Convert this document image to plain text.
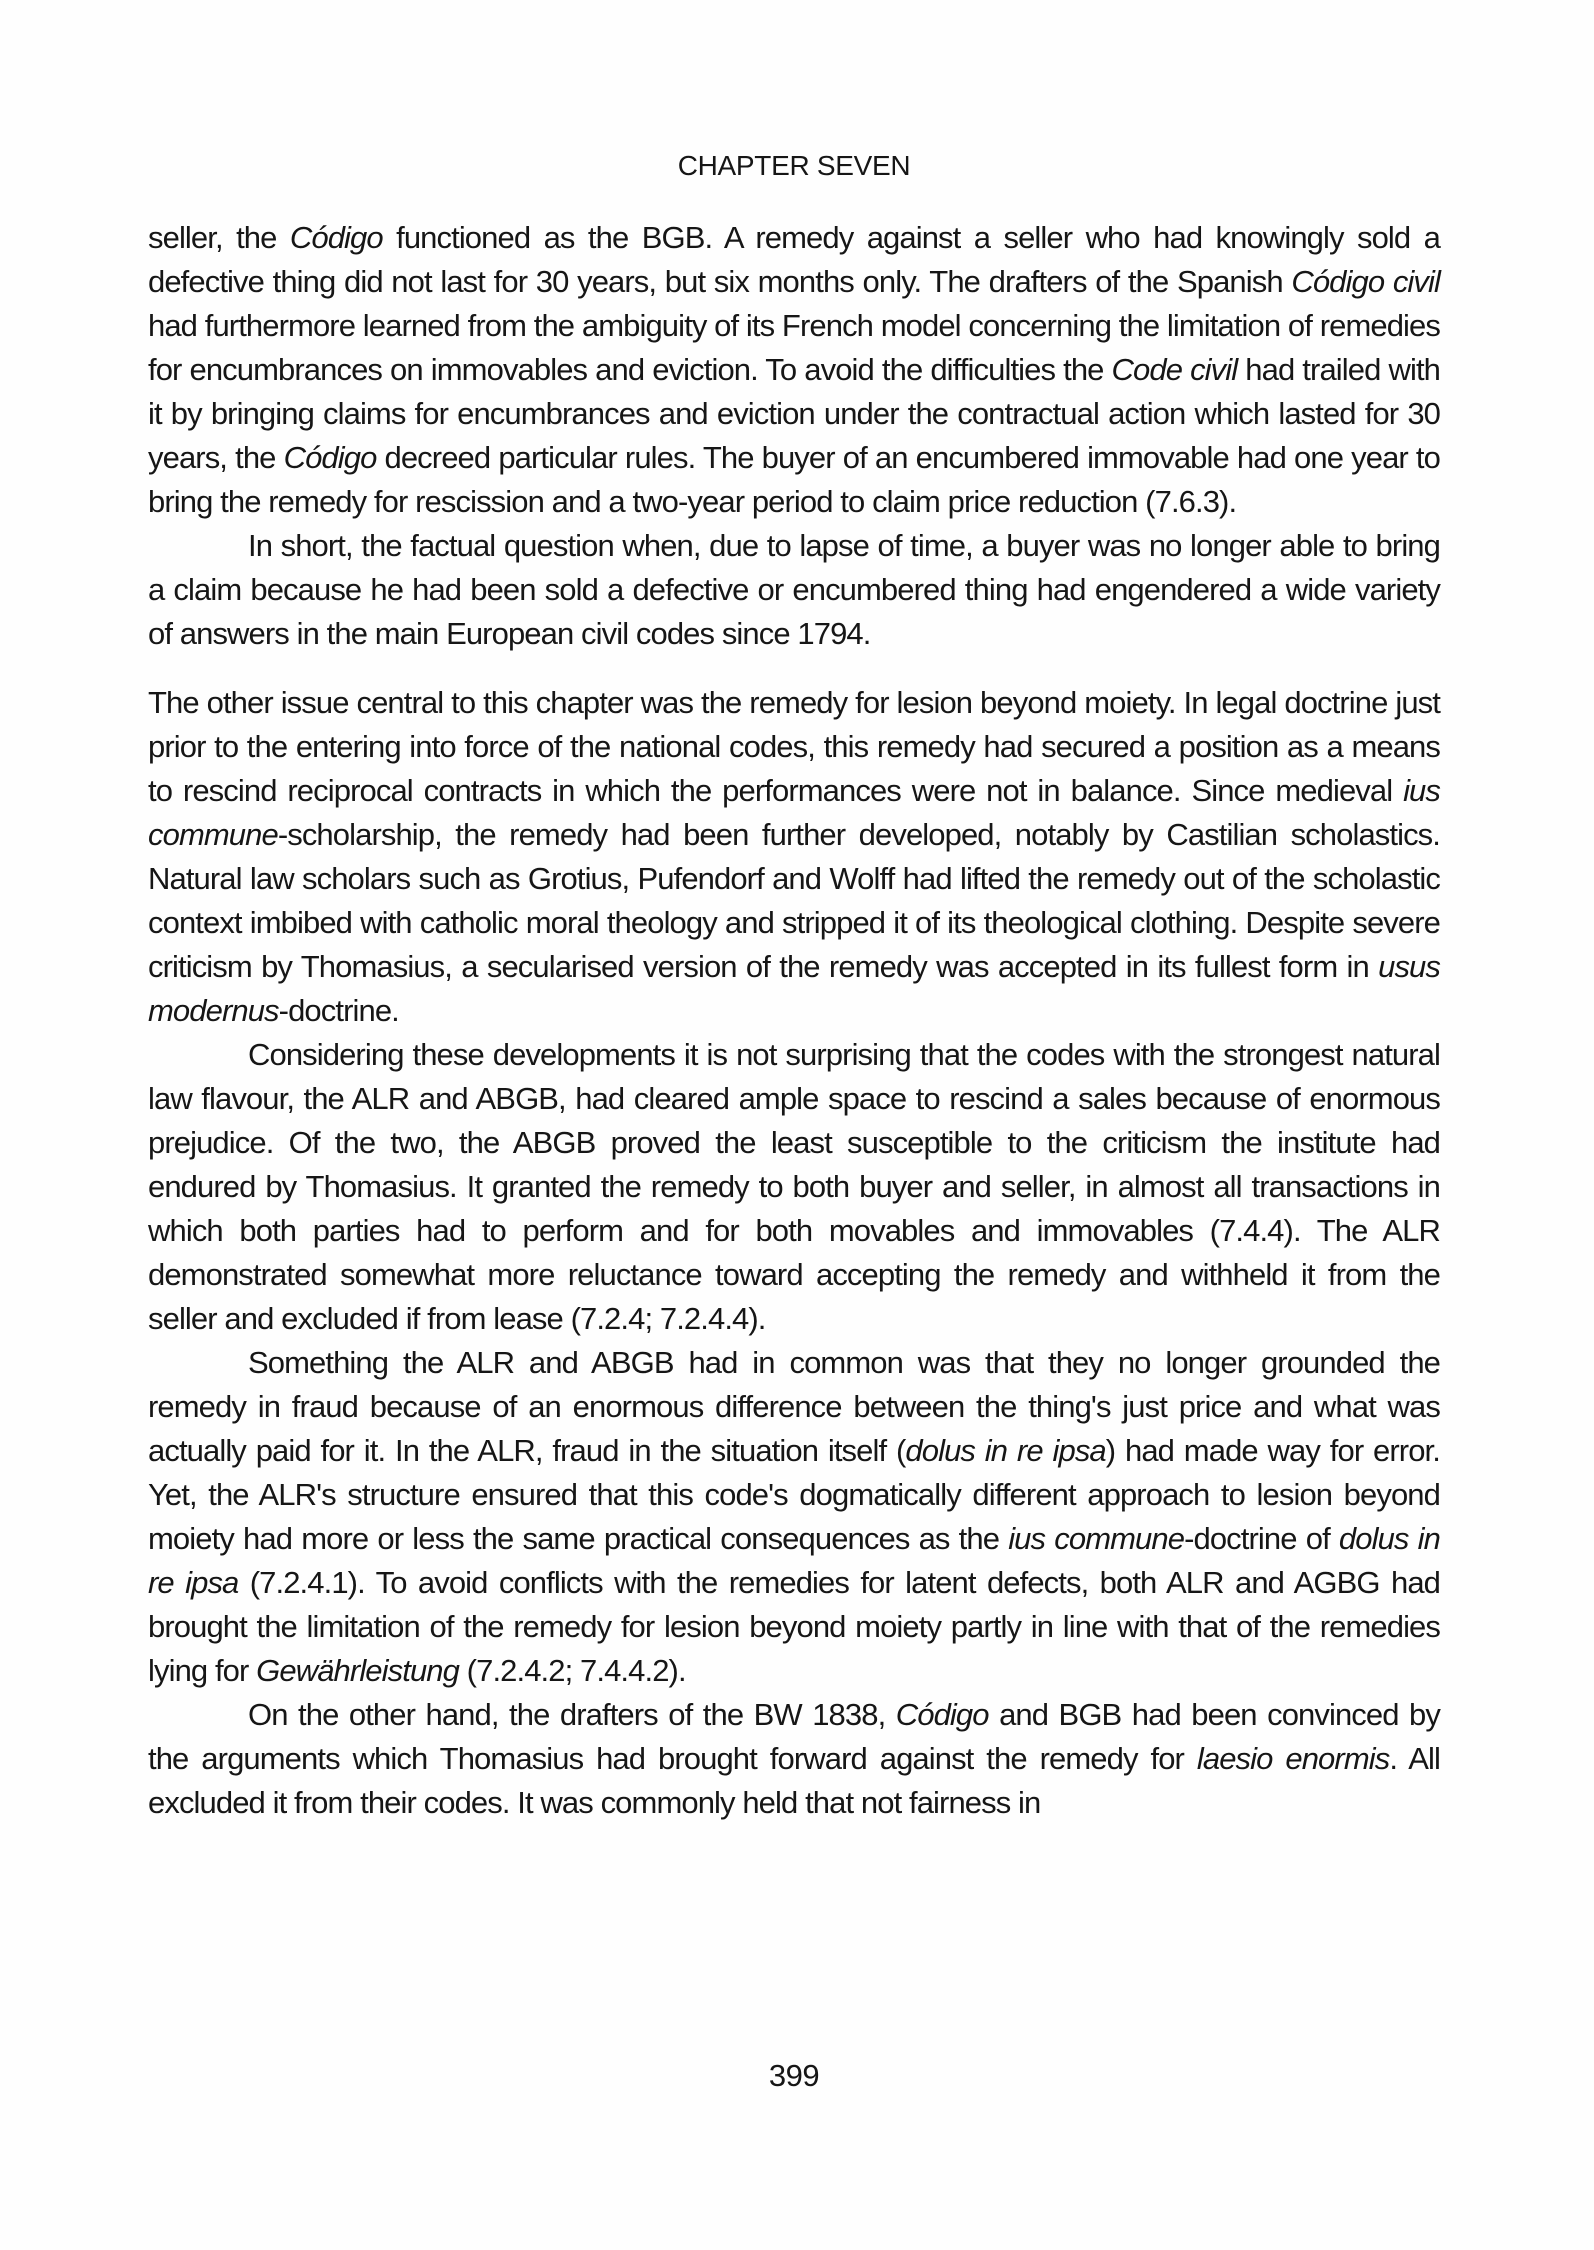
CHAPTER SEVEN

seller, the Código functioned as the BGB. A remedy against a seller who had knowingly sold a defective thing did not last for 30 years, but six months only. The drafters of the Spanish Código civil had furthermore learned from the ambiguity of its French model concerning the limitation of remedies for encumbrances on immovables and eviction. To avoid the difficulties the Code civil had trailed with it by bringing claims for encumbrances and eviction under the contractual action which lasted for 30 years, the Código decreed particular rules. The buyer of an encumbered immovable had one year to bring the remedy for rescission and a two-year period to claim price reduction (7.6.3).

In short, the factual question when, due to lapse of time, a buyer was no longer able to bring a claim because he had been sold a defective or encumbered thing had engendered a wide variety of answers in the main European civil codes since 1794.

The other issue central to this chapter was the remedy for lesion beyond moiety. In legal doctrine just prior to the entering into force of the national codes, this remedy had secured a position as a means to rescind reciprocal contracts in which the performances were not in balance. Since medieval ius commune-scholarship, the remedy had been further developed, notably by Castilian scholastics. Natural law scholars such as Grotius, Pufendorf and Wolff had lifted the remedy out of the scholastic context imbibed with catholic moral theology and stripped it of its theological clothing. Despite severe criticism by Thomasius, a secularised version of the remedy was accepted in its fullest form in usus modernus-doctrine.

Considering these developments it is not surprising that the codes with the strongest natural law flavour, the ALR and ABGB, had cleared ample space to rescind a sales because of enormous prejudice. Of the two, the ABGB proved the least susceptible to the criticism the institute had endured by Thomasius. It granted the remedy to both buyer and seller, in almost all transactions in which both parties had to perform and for both movables and immovables (7.4.4). The ALR demonstrated somewhat more reluctance toward accepting the remedy and withheld it from the seller and excluded if from lease (7.2.4; 7.2.4.4).

Something the ALR and ABGB had in common was that they no longer grounded the remedy in fraud because of an enormous difference between the thing's just price and what was actually paid for it. In the ALR, fraud in the situation itself (dolus in re ipsa) had made way for error. Yet, the ALR's structure ensured that this code's dogmatically different approach to lesion beyond moiety had more or less the same practical consequences as the ius commune-doctrine of dolus in re ipsa (7.2.4.1). To avoid conflicts with the remedies for latent defects, both ALR and AGBG had brought the limitation of the remedy for lesion beyond moiety partly in line with that of the remedies lying for Gewährleistung (7.2.4.2; 7.4.4.2).

On the other hand, the drafters of the BW 1838, Código and BGB had been convinced by the arguments which Thomasius had brought forward against the remedy for laesio enormis. All excluded it from their codes. It was commonly held that not fairness in

399
